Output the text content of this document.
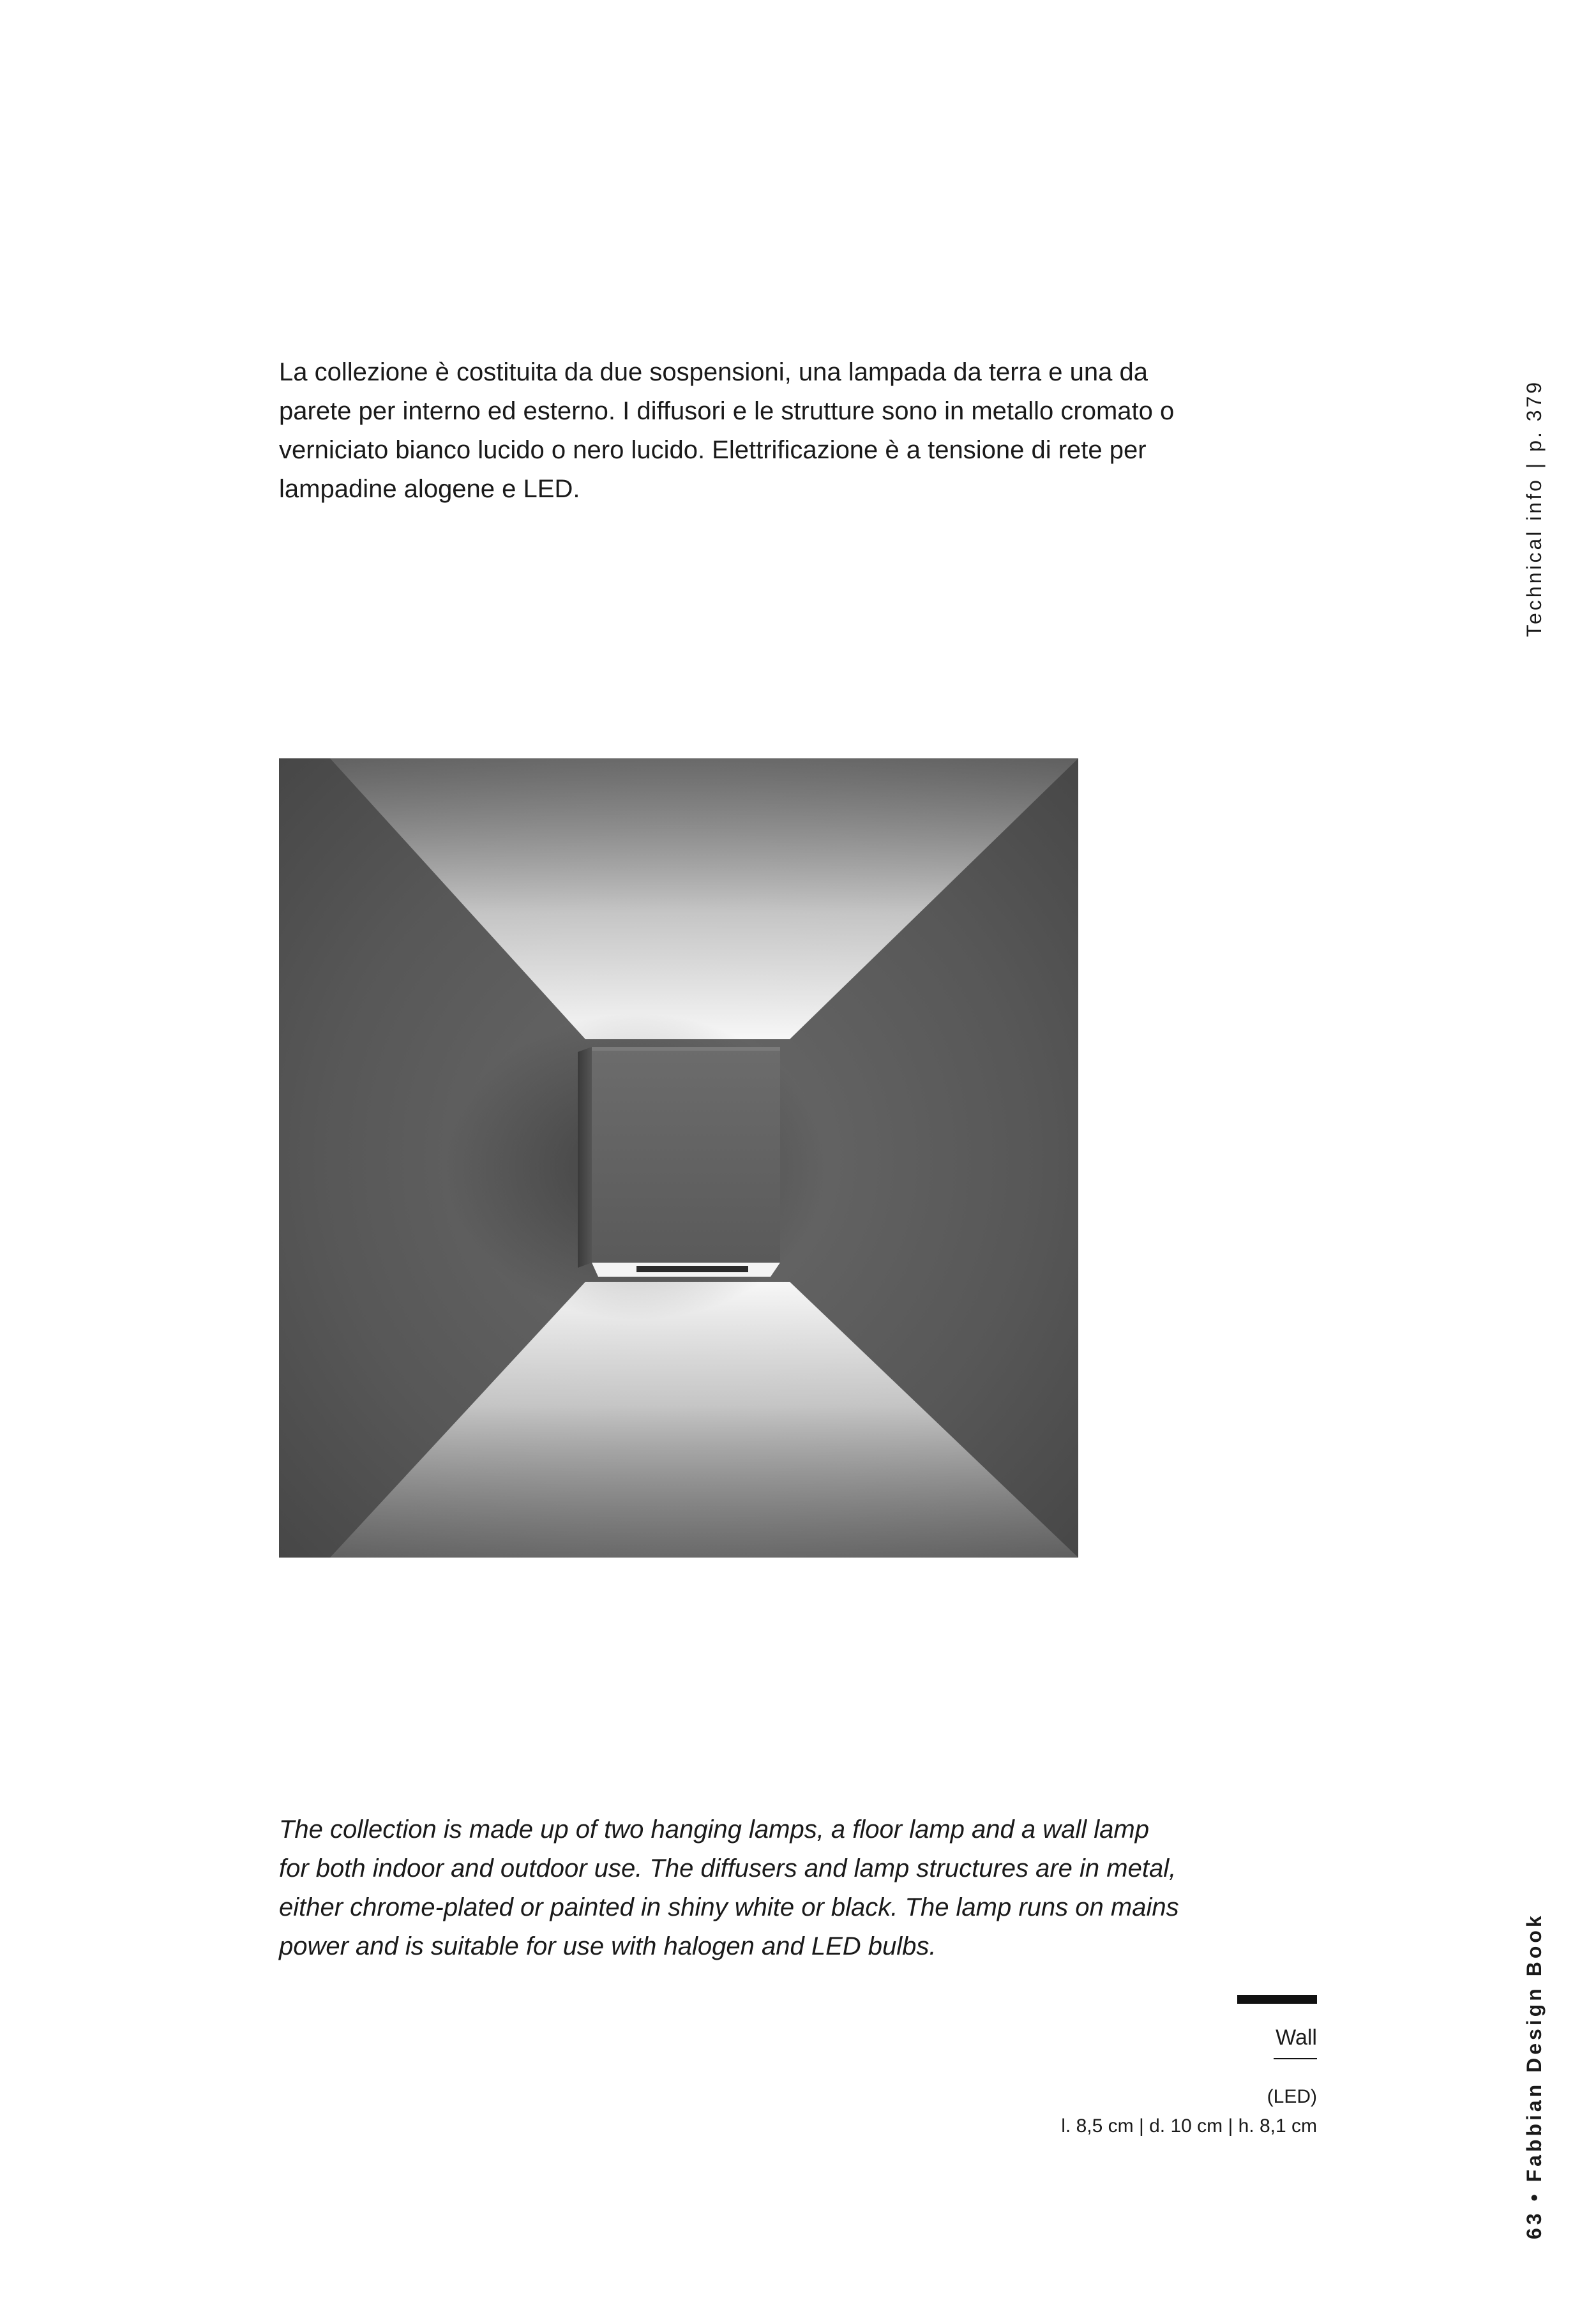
La collezione è costituita da due sospensioni, una lampada da terra e una da parete per interno ed esterno. I diffusori e le strutture sono in metallo cromato o verniciato bianco lucido o nero lucido. Elettrificazione è a tensione di rete per lampadine alogene e LED.

The collection is made up of two hanging lamps, a floor lamp and a wall lamp for both indoor and outdoor use. The diffusers and lamp structures are in metal, either chrome-plated or painted in shiny white or black. The lamp runs on mains power and is suitable for use with halogen and LED bulbs.

Wall
(LED)
l. 8,5 cm | d. 10 cm | h. 8,1 cm
Technical info|p. 379
63 • Fabbian Design Book
